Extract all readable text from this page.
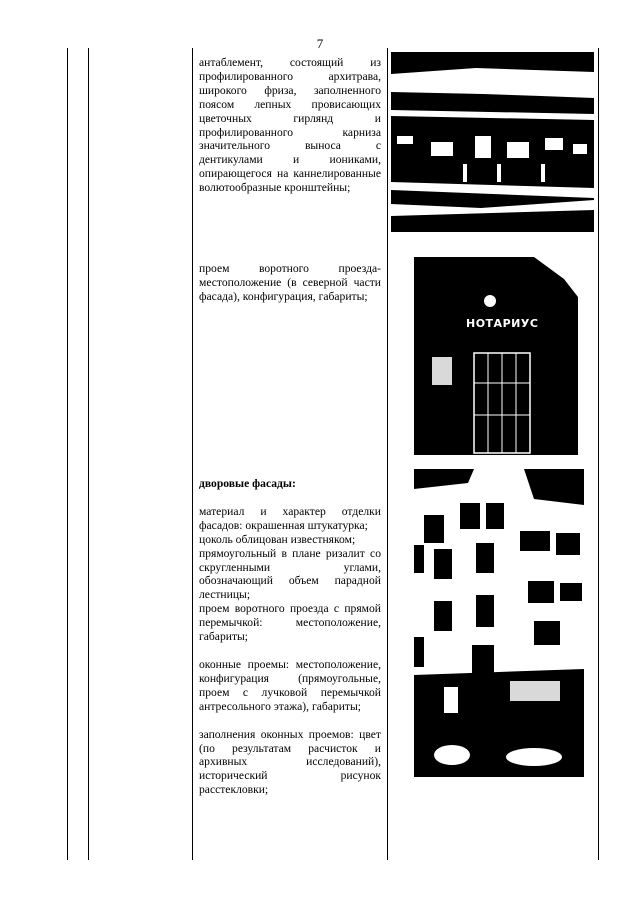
7

антаблемент, состоящий из профилированного архитрава, широкого фриза, заполненного поясом лепных провисающих цветочных гирлянд и профилированного карниза значительного выноса с дентикулами и иониками, опирающегося на каннелированные волютообразные кронштейны;

проем воротного проезда- местоположение (в северной части фасада), конфигурация, габариты;

дворовые фасады:

материал и характер отделки фасадов: окрашенная штукатурка;

цоколь облицован известняком;

прямоугольный в плане ризалит со скругленными углами, обозначающий объем парадной лестницы;

проем воротного проезда с прямой перемычкой: местоположение, габариты;

оконные проемы: местоположение, конфигурация (прямоугольные, проем с лучковой перемычкой антресольного этажа), габариты;

заполнения оконных проемов: цвет (по результатам расчисток и архивных исследований), исторический рисунок расстекловки;

НОТАРИУС
